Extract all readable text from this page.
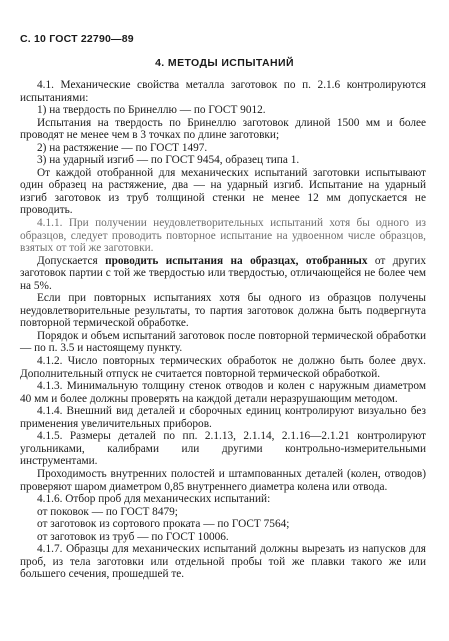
С. 10 ГОСТ 22790—89
4. МЕТОДЫ ИСПЫТАНИЙ

4.1. Механические свойства металла заготовок по п. 2.1.6 контролируются испытаниями:

1) на твердость по Бринеллю — по ГОСТ 9012.

Испытания на твердость по Бринеллю заготовок длиной 1500 мм и более проводят не менее чем в 3 точках по длине заготовки;

2) на растяжение — по ГОСТ 1497.

3) на ударный изгиб — по ГОСТ 9454, образец типа 1.

От каждой отобранной для механических испытаний заготовки испытывают один образец на растяжение, два — на ударный изгиб. Испытание на ударный изгиб заготовок из труб толщиной стенки не менее 12 мм допускается не проводить.

4.1.1. При получении неудовлетворительных испытаний хотя бы одного из образцов, следует проводить повторное испытание на удвоенном числе образцов, взятых от той же заготовки.

Допускается проводить испытания на образцах, отобранных от других заготовок партии с той же твердостью или твердостью, отличающейся не более чем на 5%.

Если при повторных испытаниях хотя бы одного из образцов получены неудовлетворительные результаты, то партия заготовок должна быть подвергнута повторной термической обработке.

Порядок и объем испытаний заготовок после повторной термической обработки — по п. 3.5 и настоящему пункту.

4.1.2. Число повторных термических обработок не должно быть более двух. Дополнительный отпуск не считается повторной термической обработкой.

4.1.3. Минимальную толщину стенок отводов и колен с наружным диаметром 40 мм и более должны проверять на каждой детали неразрушающим методом.

4.1.4. Внешний вид деталей и сборочных единиц контролируют визуально без применения увеличительных приборов.

4.1.5. Размеры деталей по пп. 2.1.13, 2.1.14, 2.1.16—2.1.21 контролируют угольниками, калибрами или другими контрольно-измерительными инструментами.

Проходимость внутренних полостей и штампованных деталей (колен, отводов) проверяют шаром диаметром 0,85 внутреннего диаметра колена или отвода.

4.1.6. Отбор проб для механических испытаний:

от поковок — по ГОСТ 8479;

от заготовок из сортового проката — по ГОСТ 7564;

от заготовок из труб — по ГОСТ 10006.

4.1.7. Образцы для механических испытаний должны вырезать из напусков для проб, из тела заготовки или отдельной пробы той же плавки такого же или большего сечения, прошедшей те.
